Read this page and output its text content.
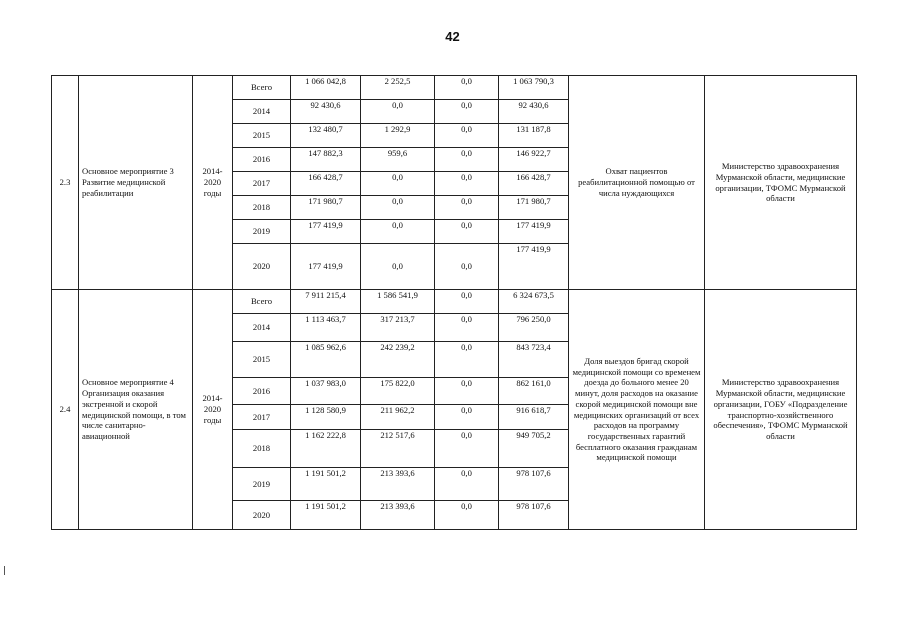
42
2.3	Основное мероприятие 3 Развитие медицинской реабилитации	2014-2020 годы	Всего	1 066 042,8	2 252,5	0,0	1 063 790,3	Охват пациентов реабилитационной помощью от числа нуждающихся	Министерство здравоохранения Мурманской области, медицинские организации, ТФОМС Мурманской области
			2014	92 430,6	0,0	0,0	92 430,6		
			2015	132 480,7	1 292,9	0,0	131 187,8		
			2016	147 882,3	959,6	0,0	146 922,7		
			2017	166 428,7	0,0	0,0	166 428,7		
			2018	171 980,7	0,0	0,0	171 980,7		
			2019	177 419,9	0,0	0,0	177 419,9		
			2020	177 419,9	0,0	0,0	177 419,9		
2.4	Основное мероприятие 4 Организация оказания экстренной и скорой медицинской помощи, в том числе санитарно-авиационной	2014-2020 годы	Всего	7 911 215,4	1 586 541,9	0,0	6 324 673,5	Доля выездов бригад скорой медицинской помощи со временем доезда до больного менее 20 минут, доля расходов на оказание скорой медицинской помощи вне медицинских организаций от всех расходов на программу государственных гарантий бесплатного оказания гражданам медицинской помощи	Министерство здравоохранения Мурманской области, медицинские организации, ГОБУ «Подразделение транспортно-хозяйственного обеспечения», ТФОМС Мурманской области
			2014	1 113 463,7	317 213,7	0,0	796 250,0		
			2015	1 085 962,6	242 239,2	0,0	843 723,4		
			2016	1 037 983,0	175 822,0	0,0	862 161,0		
			2017	1 128 580,9	211 962,2	0,0	916 618,7		
			2018	1 162 222,8	212 517,6	0,0	949 705,2		
			2019	1 191 501,2	213 393,6	0,0	978 107,6		
			2020	1 191 501,2	213 393,6	0,0	978 107,6		
